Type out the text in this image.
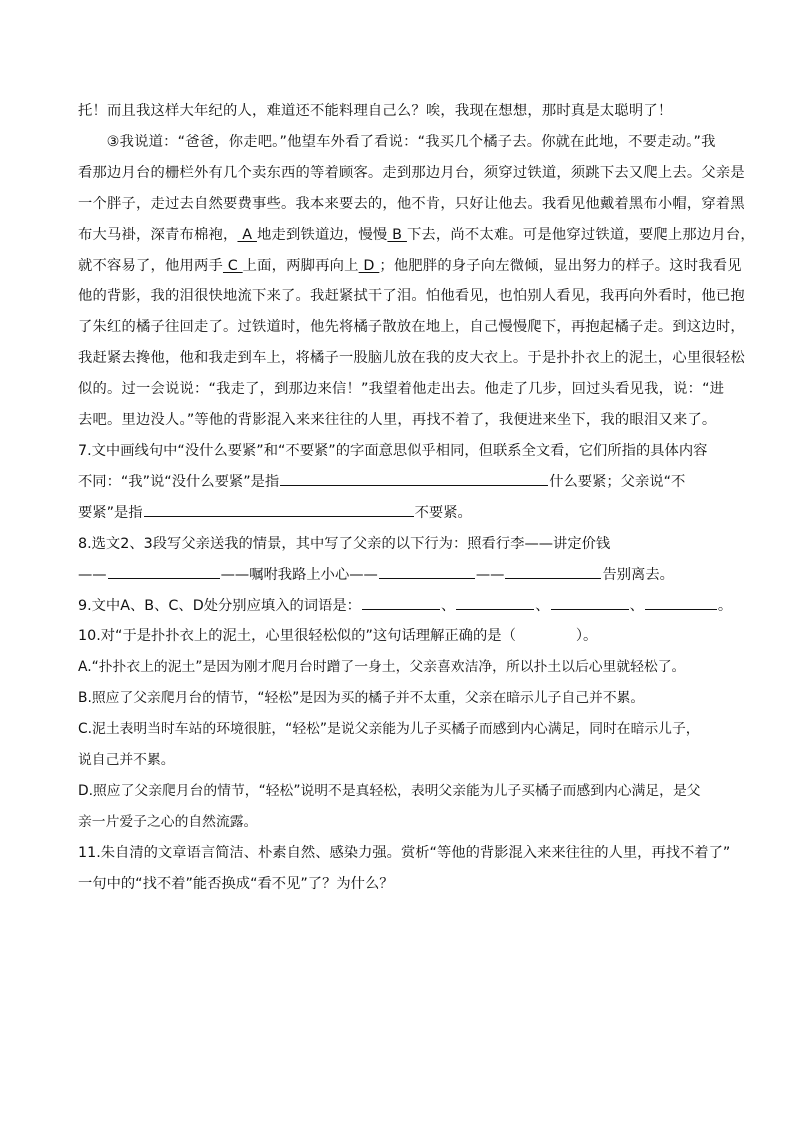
托！而且我这样大年纪的人，难道还不能料理自己么？唉，我现在想想，那时真是太聪明了！
③我说道：“爸爸，你走吧。”他望车外看了看说：“我买几个橘子去。你就在此地，不要走动。”我
看那边月台的栅栏外有几个卖东西的等着顾客。走到那边月台，须穿过铁道，须跳下去又爬上去。父亲是
一个胖子，走过去自然要费事些。我本来要去的，他不肯，只好让他去。我看见他戴着黑布小帽，穿着黑
布大马褂，深青布棉袍， A 地走到铁道边，慢慢 B 下去，尚不太难。可是他穿过铁道，要爬上那边月台，
就不容易了，他用两手 C 上面，两脚再向上 D ；他肥胖的身子向左微倾，显出努力的样子。这时我看见
他的背影，我的泪很快地流下来了。我赶紧拭干了泪。怕他看见，也怕别人看见，我再向外看时，他已抱
了朱红的橘子往回走了。过铁道时，他先将橘子散放在地上，自己慢慢爬下，再抱起橘子走。到这边时，
我赶紧去搀他，他和我走到车上，将橘子一股脑儿放在我的皮大衣上。于是扑扑衣上的泥土，心里很轻松
似的。过一会说说：“我走了，到那边来信！”我望着他走出去。他走了几步，回过头看见我，说：“进
去吧。里边没人。”等他的背影混入来来往往的人里，再找不着了，我便进来坐下，我的眼泪又来了。
7.文中画线句中“没什么要紧”和“不要紧”的字面意思似乎相同，但联系全文看，它们所指的具体内容
不同：“我”说“没什么要紧”是指	什么要紧；父亲说“不
要紧”是指	不要紧。
8.选文2、3段写父亲送我的情景，其中写了父亲的以下行为：照看行李——讲定价钱
——	——嘱咐我路上小心——	——	告别离去。
9.文中A、B、C、D处分别应填入的词语是：	、	、	、	。
10.对“于是扑扑衣上的泥土，心里很轻松似的”这句话理解正确的是（	）。
A.“扑扑衣上的泥土”是因为刚才爬月台时蹭了一身土，父亲喜欢洁净，所以扑土以后心里就轻松了。
B.照应了父亲爬月台的情节，“轻松”是因为买的橘子并不太重，父亲在暗示儿子自己并不累。
C.泥土表明当时车站的环境很脏，“轻松”是说父亲能为儿子买橘子而感到内心满足，同时在暗示儿子，
说自己并不累。
D.照应了父亲爬月台的情节，“轻松”说明不是真轻松，表明父亲能为儿子买橘子而感到内心满足，是父
亲一片爱子之心的自然流露。
11.朱自清的文章语言简洁、朴素自然、感染力强。赏析“等他的背影混入来来往往的人里，再找不着了”
一句中的“找不着”能否换成“看不见”了？为什么？
